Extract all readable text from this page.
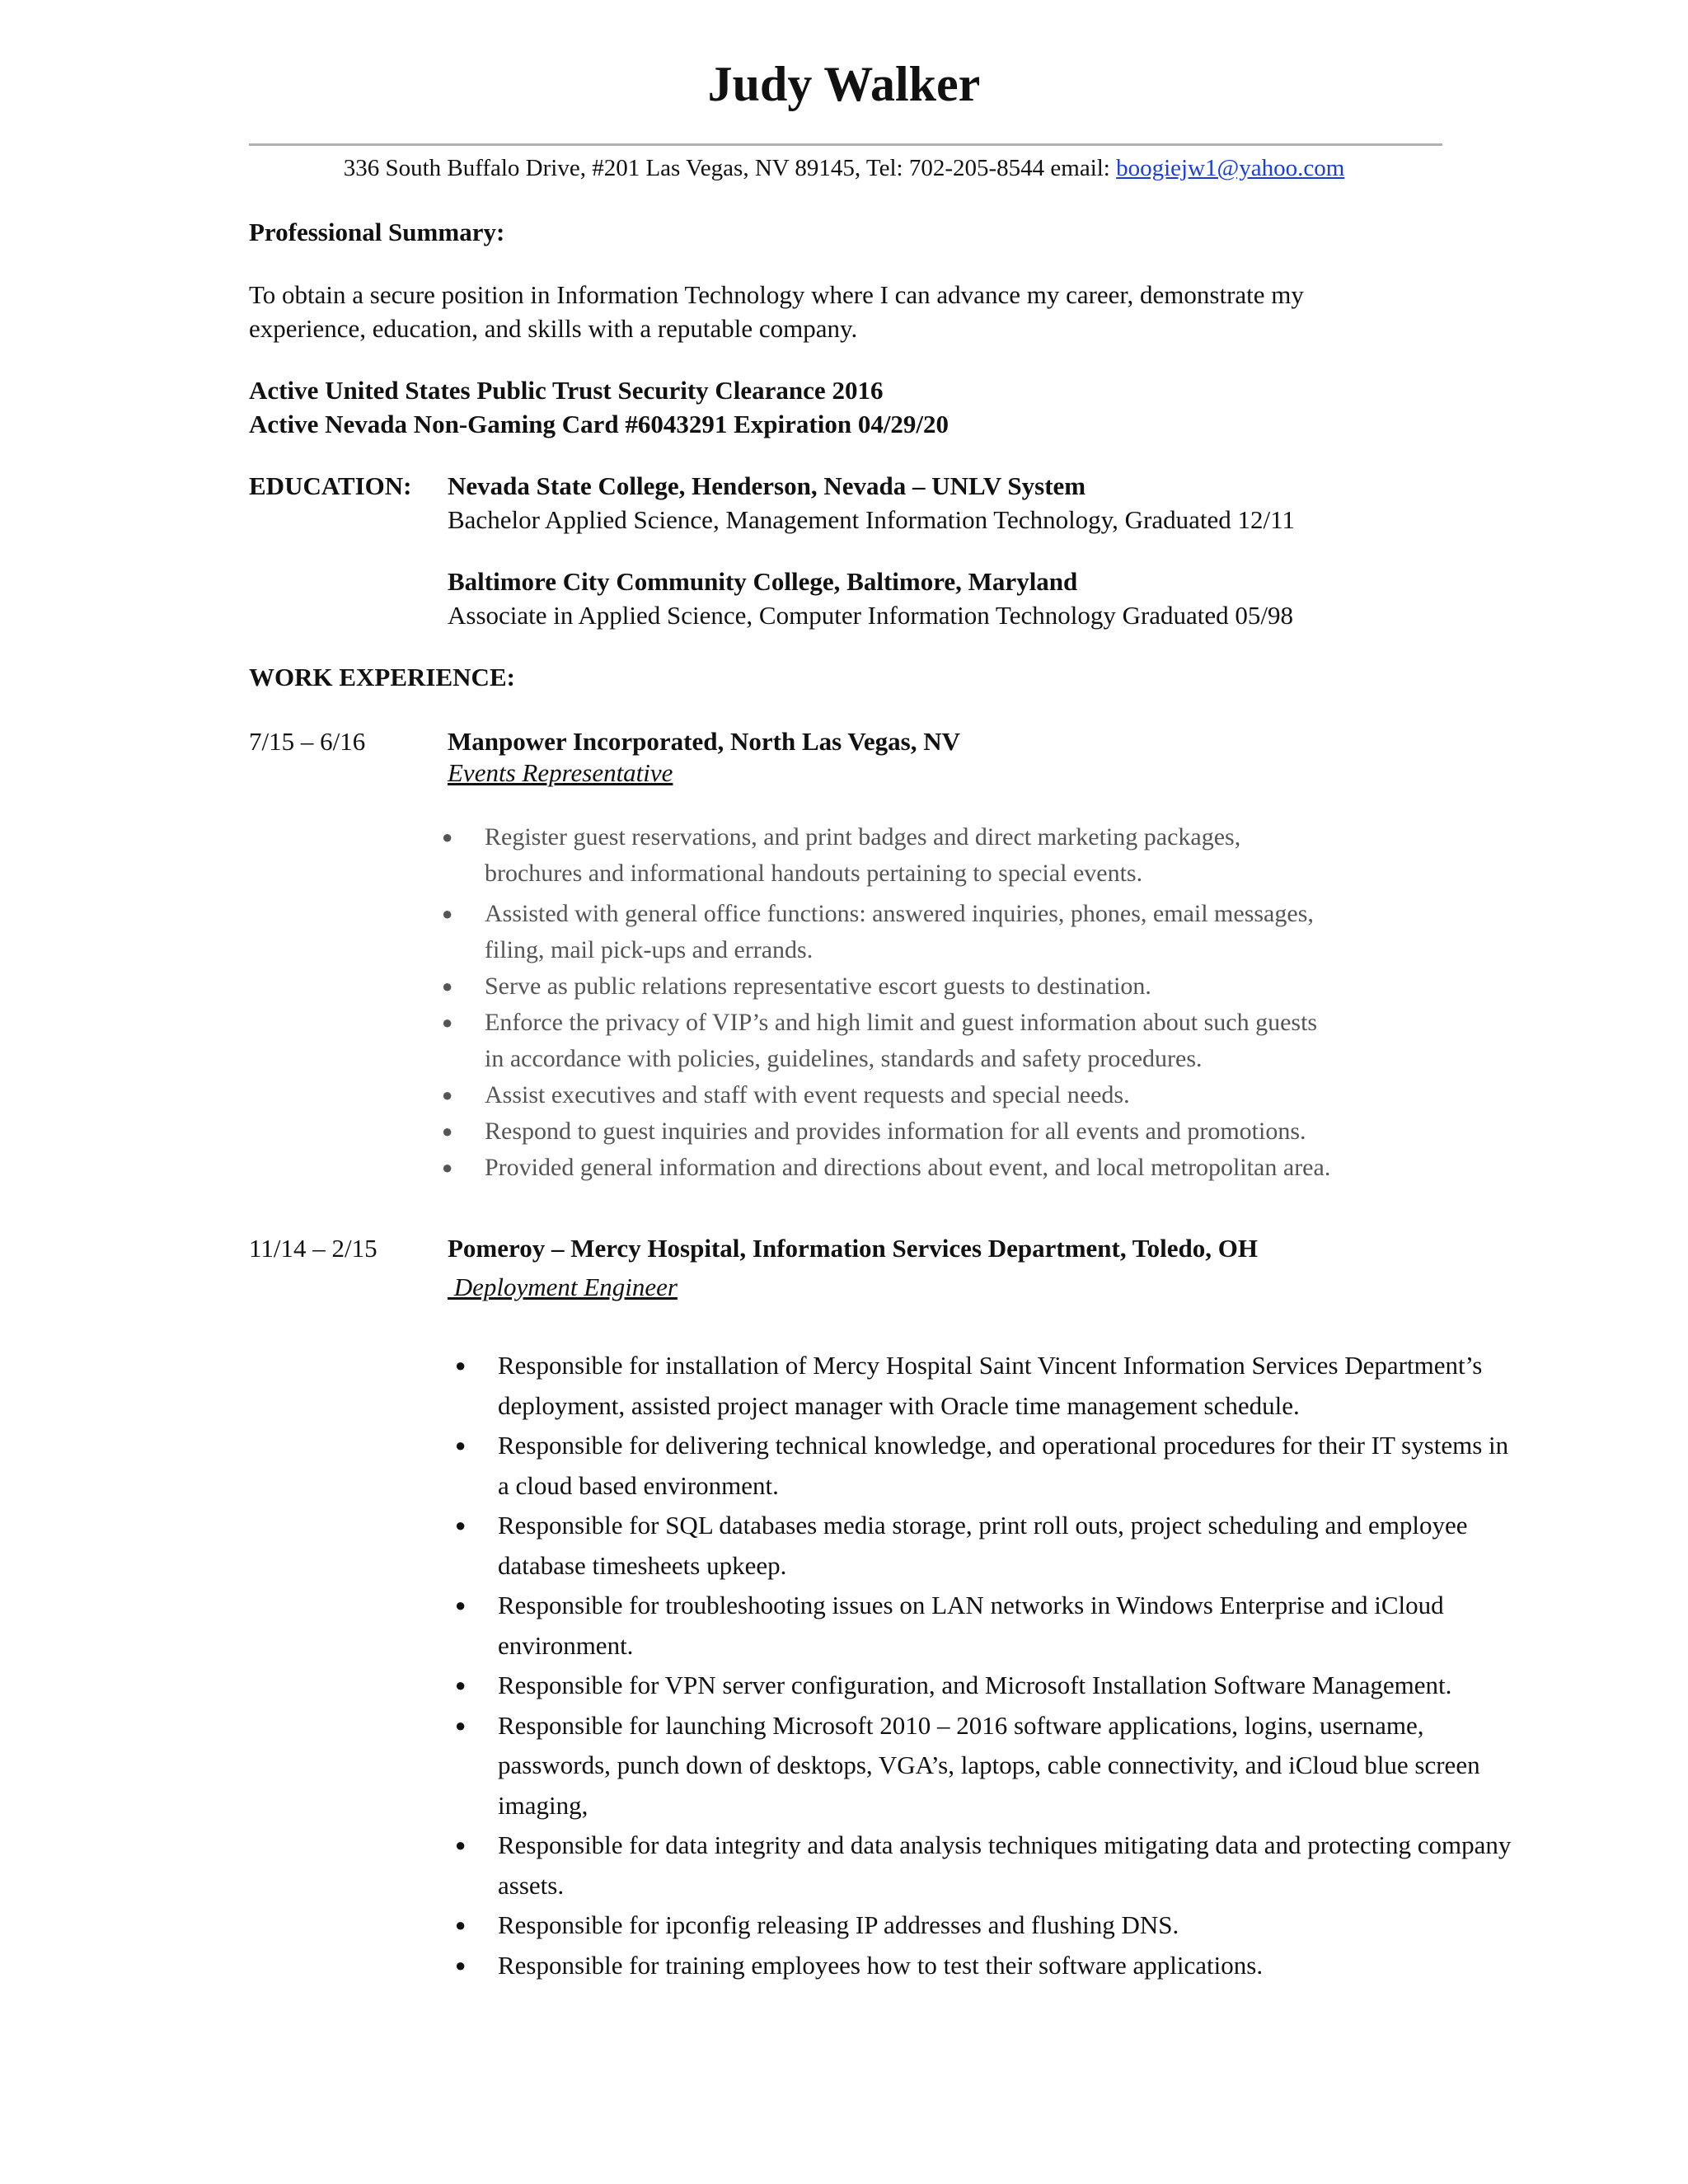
Judy Walker
336 South Buffalo Drive, #201 Las Vegas, NV 89145, Tel: 702-205-8544 email: boogiejw1@yahoo.com
Professional Summary:
To obtain a secure position in Information Technology where I can advance my career, demonstrate my
experience, education, and skills with a reputable company.
Active United States Public Trust Security Clearance 2016
Active Nevada Non-Gaming Card #6043291 Expiration 04/29/20
EDUCATION: Nevada State College, Henderson, Nevada – UNLV System
Bachelor Applied Science, Management Information Technology, Graduated 12/11
Baltimore City Community College, Baltimore, Maryland
Associate in Applied Science, Computer Information Technology Graduated 05/98
WORK EXPERIENCE:
7/15 – 6/16	Manpower Incorporated, North Las Vegas, NV
Events Representative
● Register guest reservations, and print badges and direct marketing packages,
brochures and informational handouts pertaining to special events.
● Assisted with general office functions: answered inquiries, phones, email messages,
filing, mail pick-ups and errands.
● Serve as public relations representative escort guests to destination.
● Enforce the privacy of VIP’s and high limit and guest information about such guests
in accordance with policies, guidelines, standards and safety procedures.
● Assist executives and staff with event requests and special needs.
● Respond to guest inquiries and provides information for all events and promotions.
● Provided general information and directions about event, and local metropolitan area.
11/14 – 2/15	Pomeroy – Mercy Hospital, Information Services Department, Toledo, OH
Deployment Engineer
● Responsible for installation of Mercy Hospital Saint Vincent Information Services Department’s
deployment, assisted project manager with Oracle time management schedule.
● Responsible for delivering technical knowledge, and operational procedures for their IT systems in
a cloud based environment.
● Responsible for SQL databases media storage, print roll outs, project scheduling and employee
database timesheets upkeep.
● Responsible for troubleshooting issues on LAN networks in Windows Enterprise and iCloud
environment.
● Responsible for VPN server configuration, and Microsoft Installation Software Management.
● Responsible for launching Microsoft 2010 – 2016 software applications, logins, username,
passwords, punch down of desktops, VGA’s, laptops, cable connectivity, and iCloud blue screen
imaging,
● Responsible for data integrity and data analysis techniques mitigating data and protecting company
assets.
● Responsible for ipconfig releasing IP addresses and flushing DNS.
● Responsible for training employees how to test their software applications.
